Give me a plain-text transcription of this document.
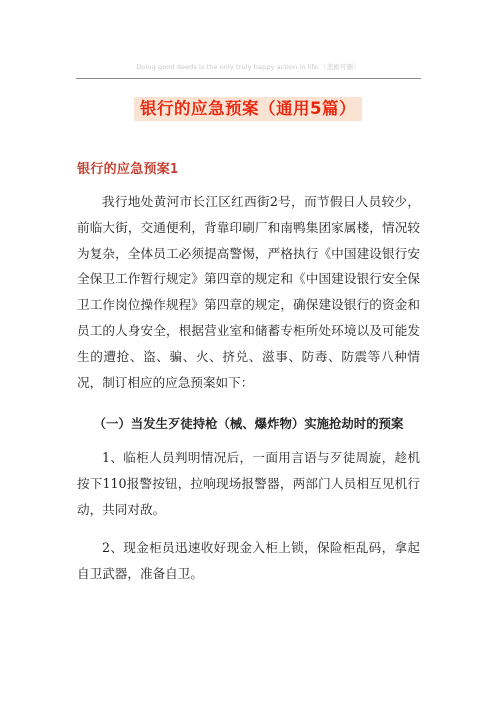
Doing good deeds is the only truly happy action in life.（悲剧可删）
银行的应急预案（通用5篇）
银行的应急预案1
我行地处黄河市长江区红西街2号，而节假日人员较少，前临大街，交通便利，背靠印刷厂和南鸭集团家属楼，情况较为复杂，全体员工必须提高警惕，严格执行《中国建设银行安全保卫工作暂行规定》第四章的规定和《中国建设银行安全保卫工作岗位操作规程》第四章的规定，确保建设银行的资金和员工的人身安全，根据营业室和储蓄专柜所处环境以及可能发生的遭抢、盗、骗、火、挤兑、滋事、防毒、防震等八种情况，制订相应的应急预案如下：
（一）当发生歹徒持枪（械、爆炸物）实施抢劫时的预案
1、临柜人员判明情况后，一面用言语与歹徒周旋，趁机按下110报警按钮，拉响现场报警器，两部门人员相互见机行动，共同对敌。
2、现金柜员迅速收好现金入柜上锁，保险柜乱码，拿起自卫武器，准备自卫。
